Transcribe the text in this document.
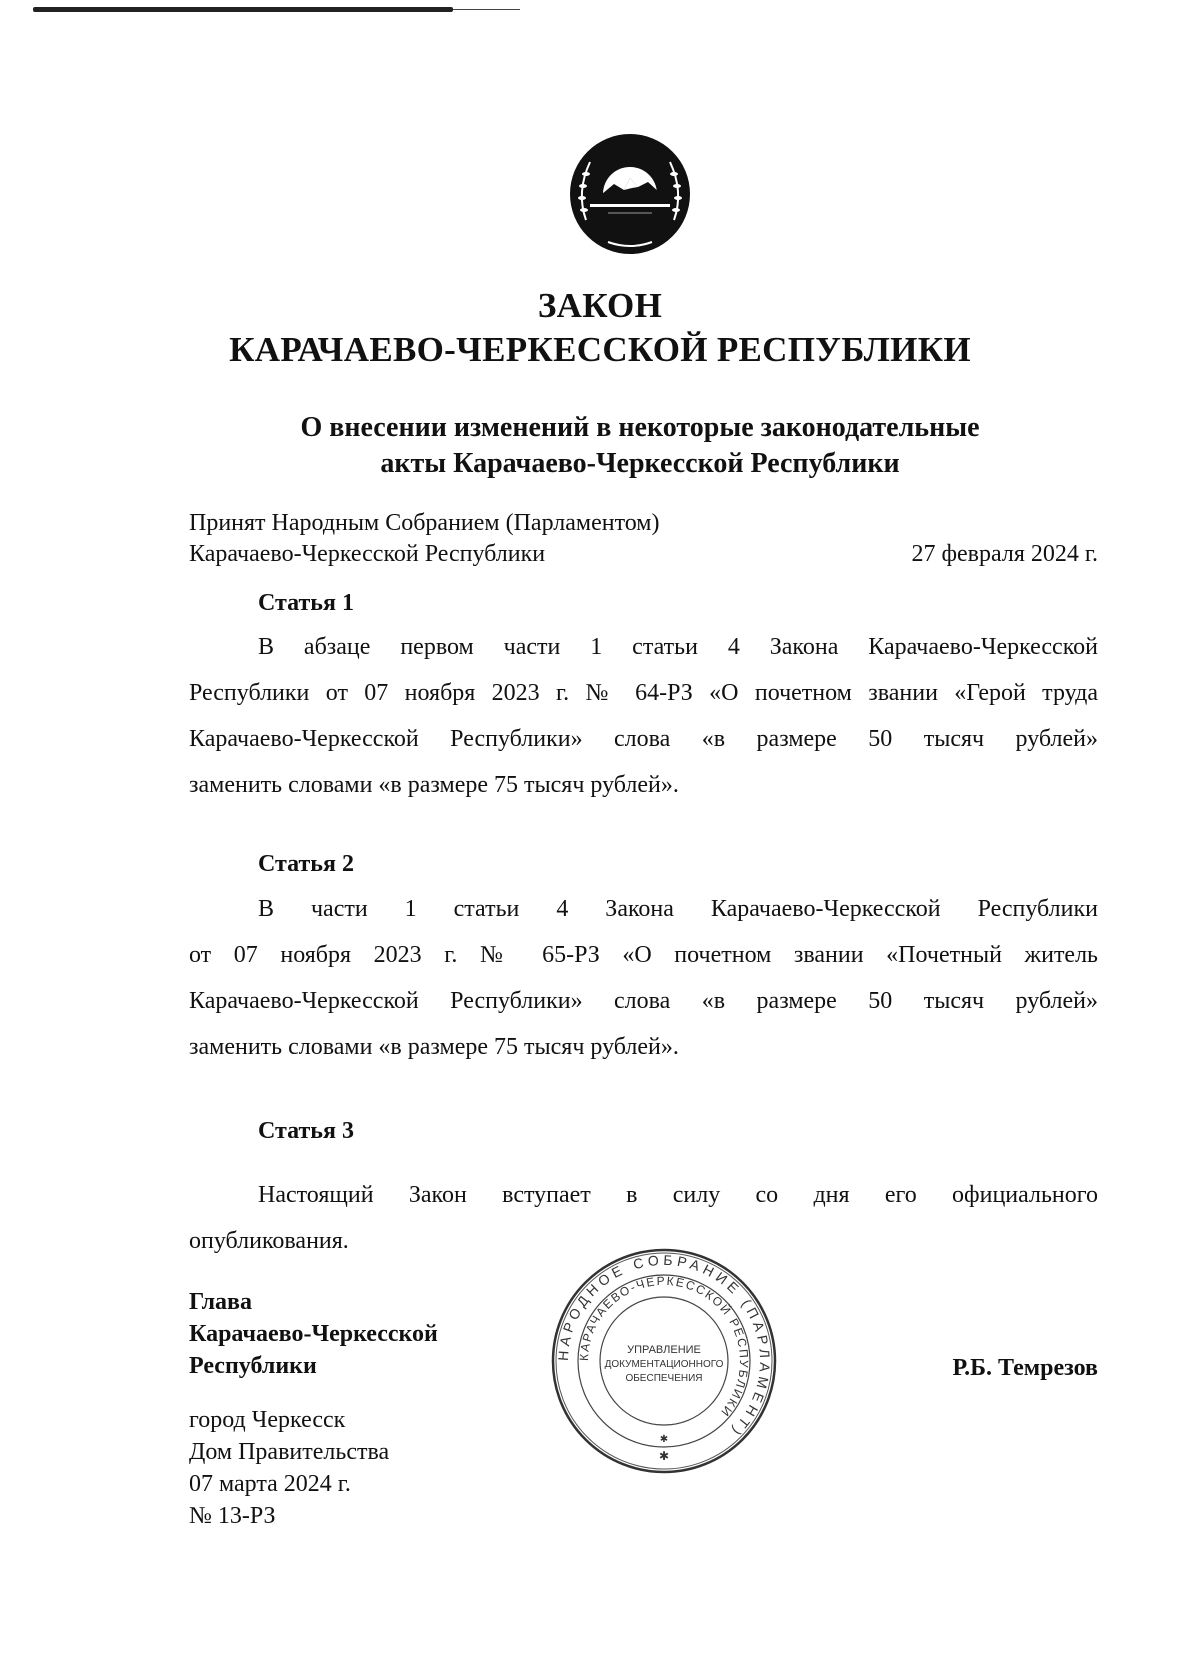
ЗАКОН
КАРАЧАЕВО-ЧЕРКЕССКОЙ РЕСПУБЛИКИ
О внесении изменений в некоторые законодательные
акты Карачаево-Черкесской Республики
Принят Народным Собранием (Парламентом)
Карачаево-Черкесской Республики	27 февраля 2024 г.
Статья 1
В абзаце первом части 1 статьи 4 Закона Карачаево-Черкесской
Республики от 07 ноября 2023 г. № 64-РЗ «О почетном звании «Герой труда
Карачаево-Черкесской Республики» слова «в размере 50 тысяч рублей»
заменить словами «в размере 75 тысяч рублей».
Статья 2
В части 1 статьи 4 Закона Карачаево-Черкесской Республики
от 07 ноября 2023 г. № 65-РЗ «О почетном звании «Почетный житель
Карачаево-Черкесской Республики» слова «в размере 50 тысяч рублей»
заменить словами «в размере 75 тысяч рублей».
Статья 3
Настоящий Закон вступает в силу со дня его официального
опубликования.
Глава
Карачаево-Черкесской
Республики	Р.Б. Темрезов
город Черкесск
Дом Правительства
07 марта 2024 г.
№ 13-РЗ
НАРОДНОЕ СОБРАНИЕ (ПАРЛАМЕНТ)
КАРАЧАЕВО-ЧЕРКЕССКОЙ РЕСПУБЛИКИ
УПРАВЛЕНИЕ
ДОКУМЕНТАЦИОННОГО
ОБЕСПЕЧЕНИЯ
✱
✱
